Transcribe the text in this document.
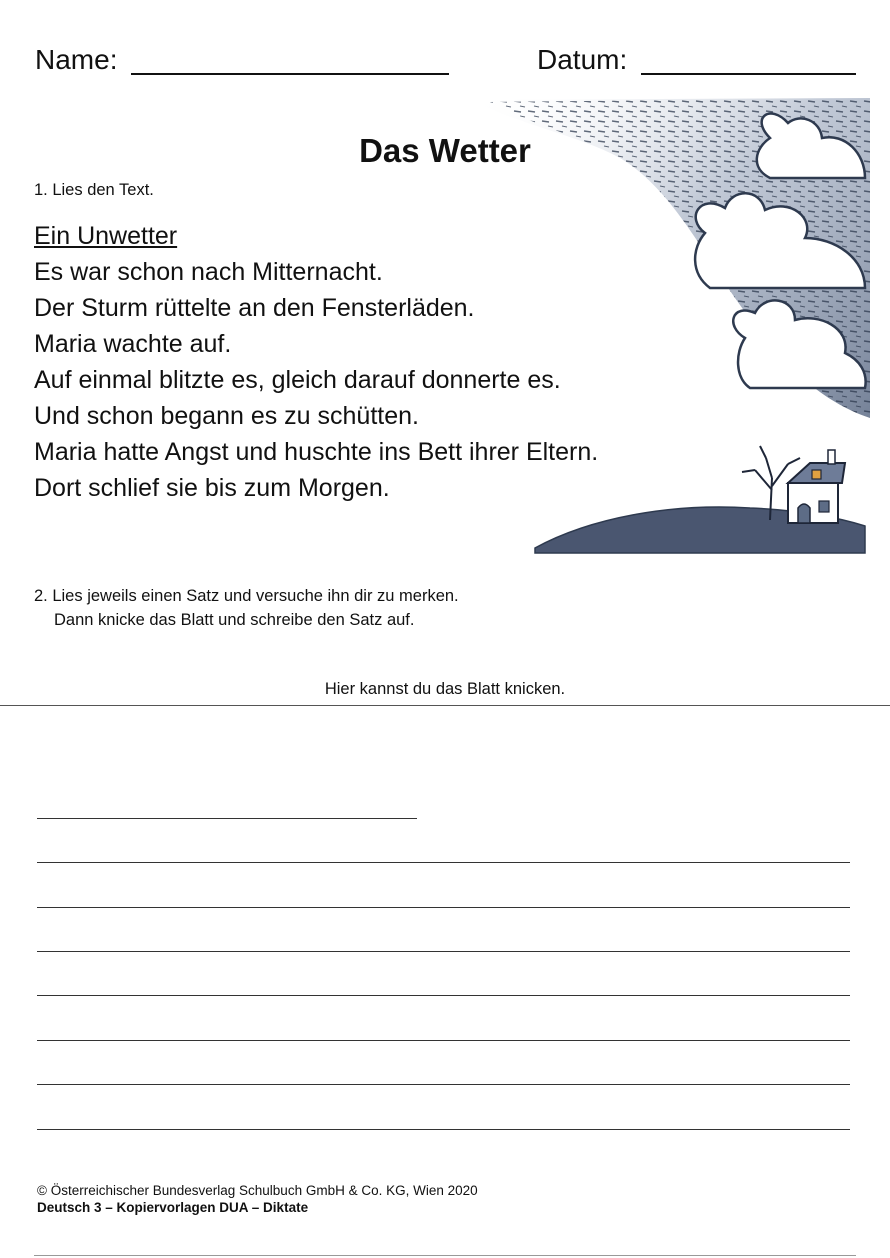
Name:	Datum:
Das Wetter
1. Lies den Text.
Ein Unwetter
Es war schon nach Mitternacht.
Der Sturm rüttelte an den Fensterläden.
Maria wachte auf.
Auf einmal blitzte es, gleich darauf donnerte es.
Und schon begann es zu schütten.
Maria hatte Angst und huschte ins Bett ihrer Eltern.
Dort schlief sie bis zum Morgen.
2. Lies jeweils einen Satz und versuche ihn dir zu merken.
Dann knicke das Blatt und schreibe den Satz auf.
Hier kannst du das Blatt knicken.
© Österreichischer Bundesverlag Schulbuch GmbH & Co. KG, Wien 2020
Deutsch 3 – Kopiervorlagen DUA – Diktate
